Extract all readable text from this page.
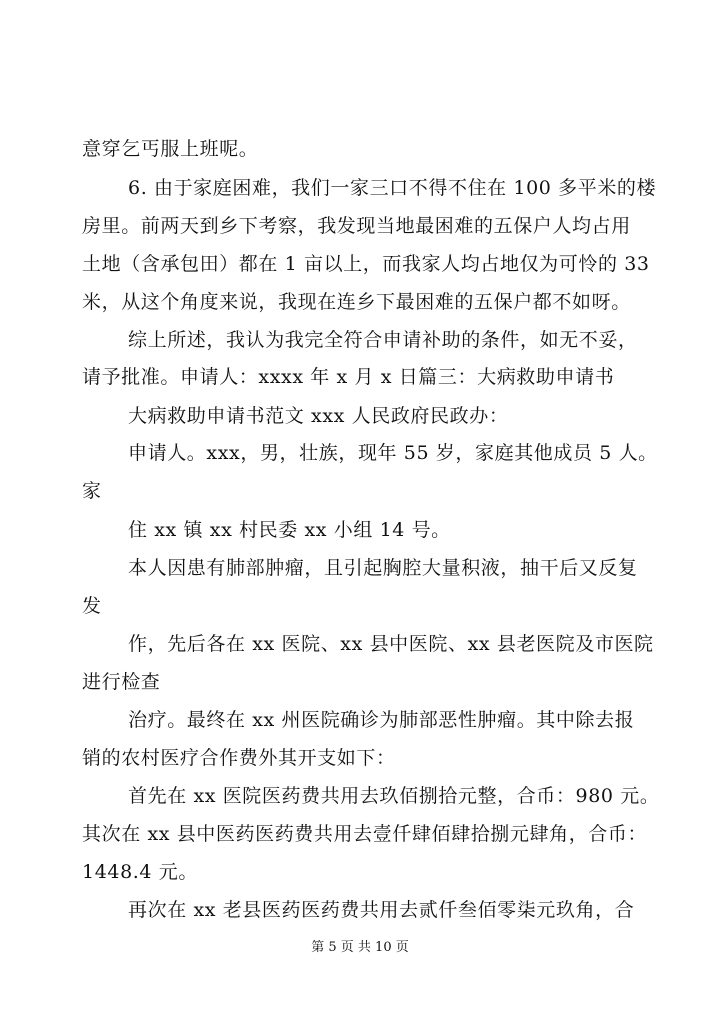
意穿乞丐服上班呢。
6. 由于家庭困难，我们一家三口不得不住在 100 多平米的楼
房里。前两天到乡下考察，我发现当地最困难的五保户人均占用
土地（含承包田）都在 1 亩以上，而我家人均占地仅为可怜的 33
米，从这个角度来说，我现在连乡下最困难的五保户都不如呀。
综上所述，我认为我完全符合申请补助的条件，如无不妥，
请予批准。申请人：xxxx 年 x 月 x 日篇三：大病救助申请书
大病救助申请书范文 xxx 人民政府民政办：
申请人。xxx，男，壮族，现年 55 岁，家庭其他成员 5 人。
家
住 xx 镇 xx 村民委 xx 小组 14 号。
本人因患有肺部肿瘤，且引起胸腔大量积液，抽干后又反复
发
作，先后各在 xx 医院、xx 县中医院、xx 县老医院及市医院
进行检查
治疗。最终在 xx 州医院确诊为肺部恶性肿瘤。其中除去报
销的农村医疗合作费外其开支如下：
首先在 xx 医院医药费共用去玖佰捌拾元整，合币：980 元。
其次在 xx 县中医药医药费共用去壹仟肆佰肆拾捌元肆角，合币：
1448.4 元。
再次在 xx 老县医药医药费共用去贰仟叁佰零柒元玖角，合
第 5 页 共 10 页
